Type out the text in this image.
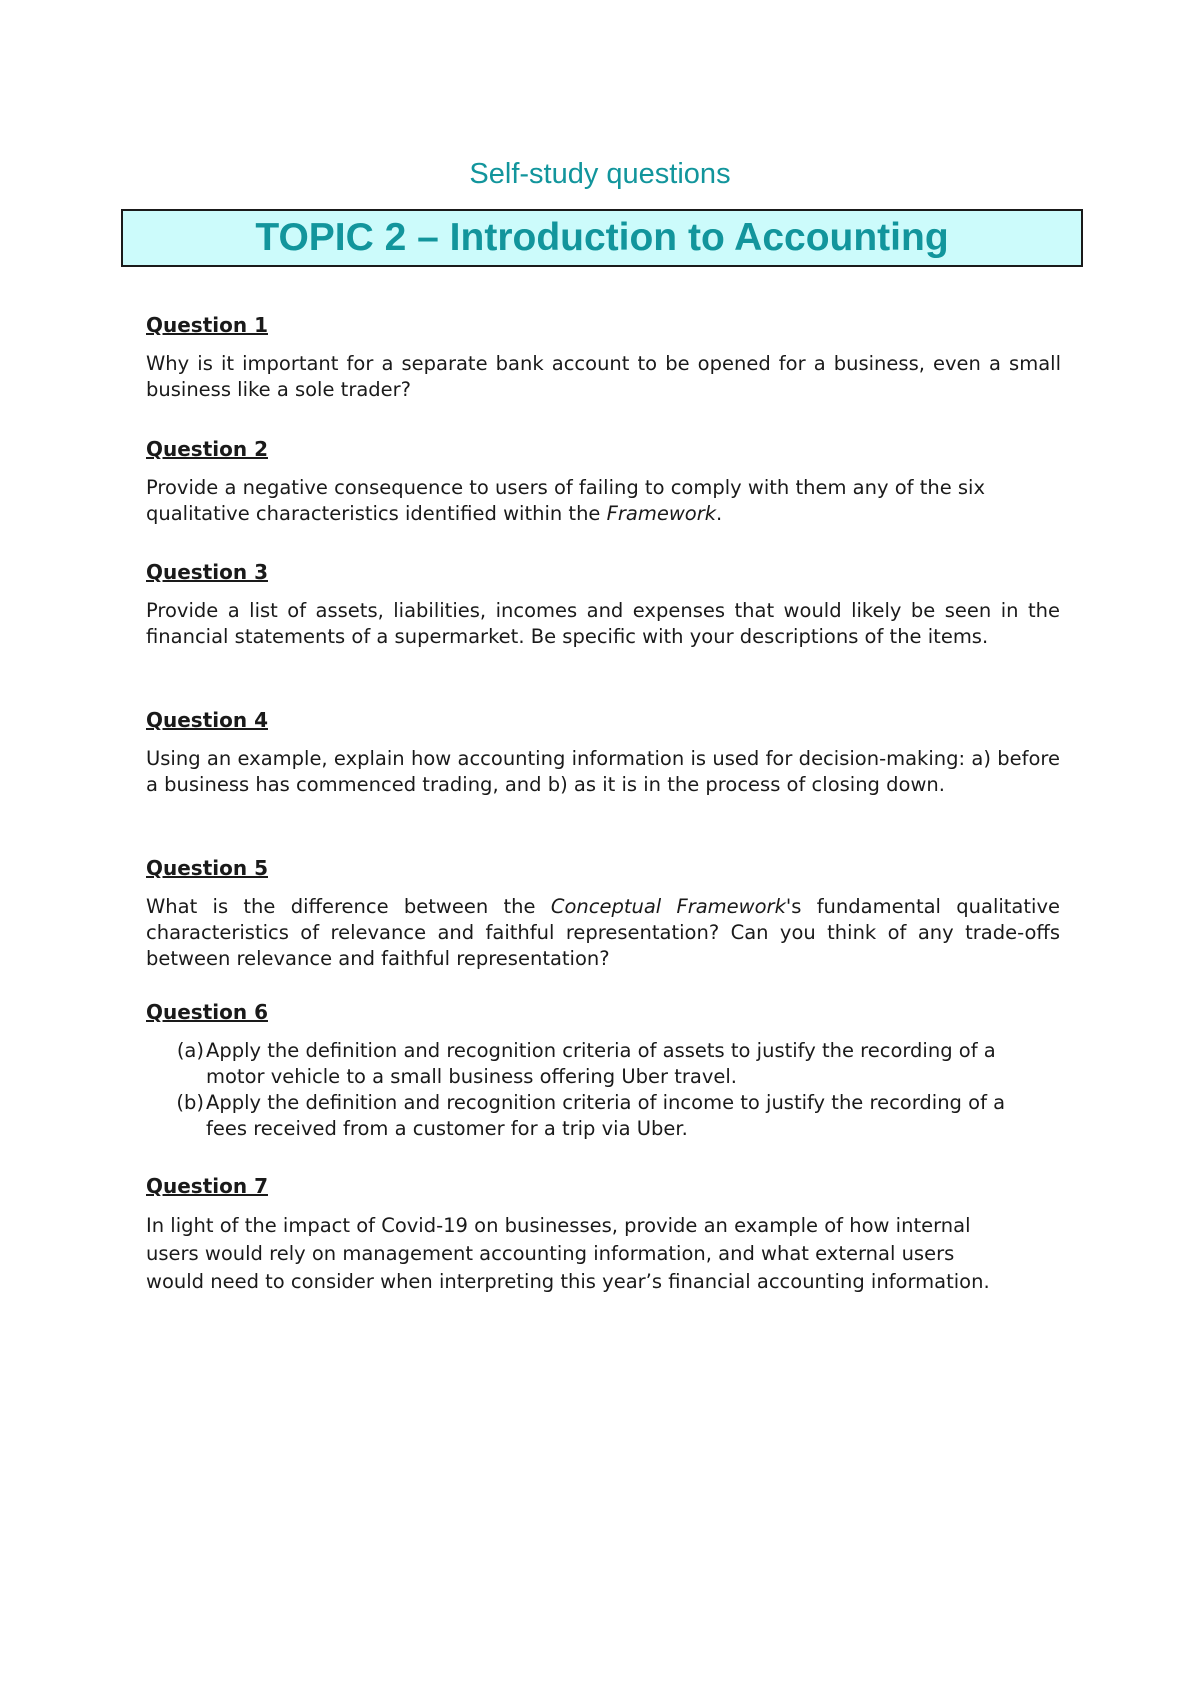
Self-study questions
TOPIC 2 – Introduction to Accounting
Question 1

Why is it important for a separate bank account to be opened for a business, even a small business like a sole trader?

Question 2

Provide a negative consequence to users of failing to comply with them any of the six qualitative characteristics identified within the Framework.

Question 3

Provide a list of assets, liabilities, incomes and expenses that would likely be seen in the financial statements of a supermarket. Be specific with your descriptions of the items.

Question 4

Using an example, explain how accounting information is used for decision-making: a) before a business has commenced trading, and b) as it is in the process of closing down.

Question 5

What is the difference between the Conceptual Framework's fundamental qualitative characteristics of relevance and faithful representation? Can you think of any trade-offs between relevance and faithful representation?

Question 6
(a) Apply the definition and recognition criteria of assets to justify the recording of a motor vehicle to a small business offering Uber travel.
(b) Apply the definition and recognition criteria of income to justify the recording of a fees received from a customer for a trip via Uber.
Question 7

In light of the impact of Covid-19 on businesses, provide an example of how internal users would rely on management accounting information, and what external users would need to consider when interpreting this year’s financial accounting information.
